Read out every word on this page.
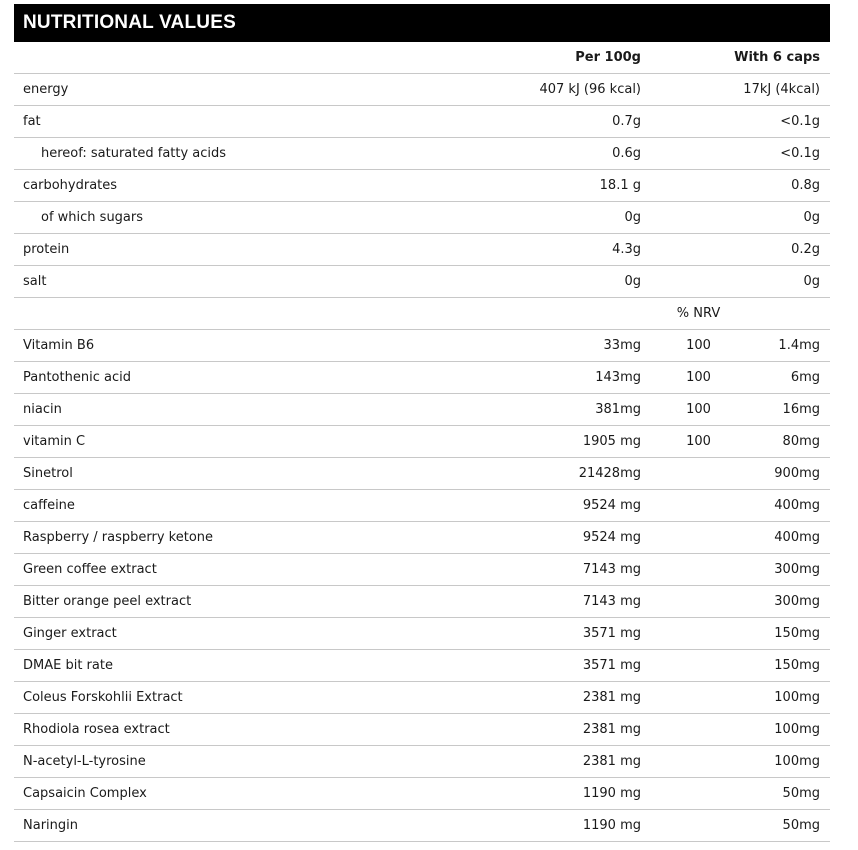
NUTRITIONAL VALUES
		Per 100g		With 6 caps	
energy		407 kJ (96 kcal)		17kJ (4kcal)	
fat		0.7g		<0.1g	
hereof: saturated fatty acids		0.6g		<0.1g	
carbohydrates		18.1 g		0.8g	
of which sugars		0g		0g	
protein		4.3g		0.2g	
salt		0g		0g	
				% NRV	
Vitamin B6		33mg		100	1.4mg
Pantothenic acid		143mg		100	6mg
niacin		381mg		100	16mg
vitamin C		1905 mg		100	80mg
Sinetrol		21428mg			900mg
caffeine		9524 mg			400mg
Raspberry / raspberry ketone		9524 mg			400mg
Green coffee extract		7143 mg			300mg
Bitter orange peel extract		7143 mg			300mg
Ginger extract		3571 mg			150mg
DMAE bit rate		3571 mg			150mg
Coleus Forskohlii Extract		2381 mg			100mg
Rhodiola rosea extract		2381 mg			100mg
N-acetyl-L-tyrosine		2381 mg			100mg
Capsaicin Complex		1190 mg			50mg
Naringin		1190 mg			50mg
